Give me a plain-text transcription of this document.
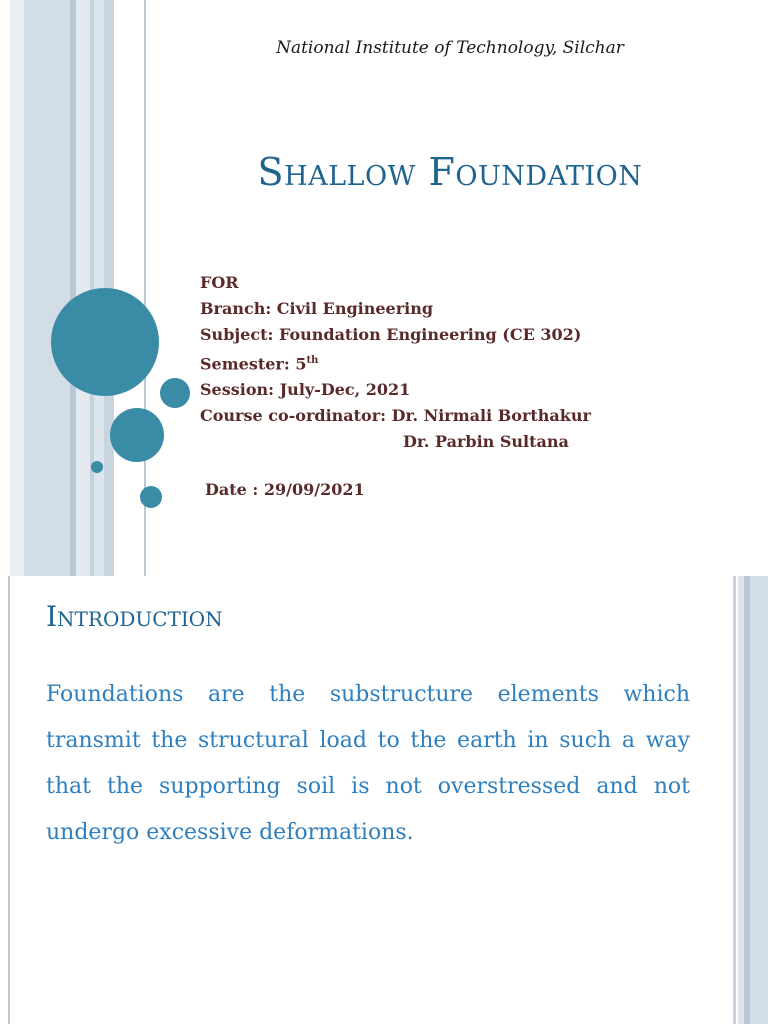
National Institute of Technology, Silchar
Shallow Foundation
FOR
Branch: Civil Engineering
Subject: Foundation Engineering (CE 302)
Semester: 5th
Session: July-Dec, 2021
Course co-ordinator: Dr. Nirmali Borthakur
Dr. Parbin Sultana
Date : 29/09/2021
Introduction
Foundations are the substructure elements which transmit the structural load to the earth in such a way that the supporting soil is not overstressed and not undergo excessive deformations.
